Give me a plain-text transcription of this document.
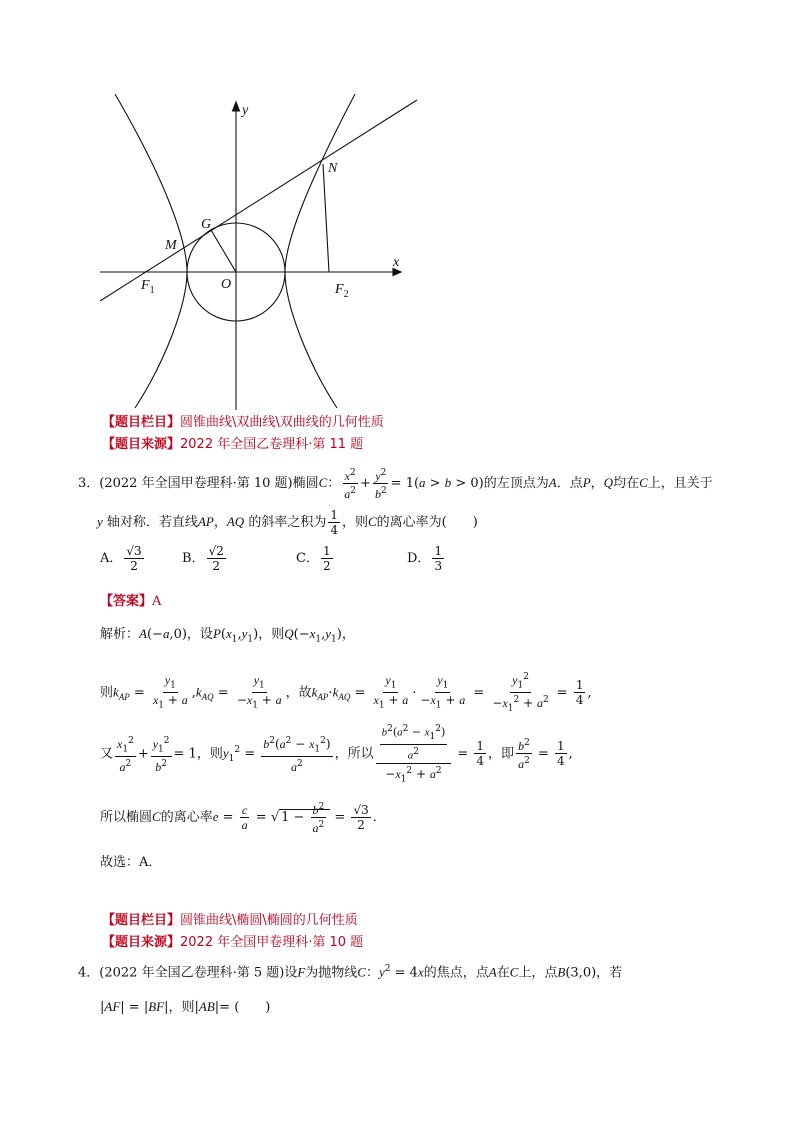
y
x
N
G
M
O
$F_1$	$F_2$
【题目栏目】圆锥曲线\双曲线\双曲线的几何性质
【题目来源】2022 年全国乙卷理科·第 11 题
3．(2022 年全国甲卷理科·第 10 题)椭圆C： $\frac{x^2}{a^2} + \frac{y^2}{b^2} = 1(a > b > 0)$的左顶点为A．点P，Q均在C上，且关于
y 轴对称．若直线AP，AQ 的斜率之积为 $\frac{1}{4}$ ，则C的离心率为(　　)
A． $\frac{√3}{2}$	B． $\frac{√2}{2}$	C． $\frac{1}{2}$	D． $\frac{1}{3}$
【答案】A
解析：A(−a,0)，设$P(x_1,y_1)$，则$Q(-x_1,y_1)$，
则$k_{AP} = \frac{y_1}{x_1 + a} ,k_{AQ} = \frac{y_1}{-x_1 + a}$ ，故$k_{AP}\cdot k_{AQ} = \frac{y_1}{x_1 + a} \cdot \frac{y_1}{-x_1 + a} = \frac{y_1^2}{-x_1^2 + a^2} = \frac{1}{4}$ ,
又 $\frac{x_1^2}{a^2} + \frac{y_1^2}{b^2} = 1$，则$y_1^2 = \frac{b^2(a^2 - x_1^2)}{a^2}$ ，所以 $\frac{\frac{b^2(a^2 - x_1^2)}{a^2}}{-x_1^2 + a^2} = \frac{1}{4}$ ，即 $\frac{b^2}{a^2} = \frac{1}{4}$ ,
所以椭圆C的离心率$e = \frac{c}{a}$ = √ $1 - \frac{b^2}{a^2} = \frac{√3}{2}$ ．
故选：A．
【题目栏目】圆锥曲线\椭圆\椭圆的几何性质
【题目来源】2022 年全国甲卷理科·第 10 题
4．(2022 年全国乙卷理科·第 5 题)设F为抛物线C：$y^2 = 4x$的焦点，点A在C上，点B(3,0)，若
|AF| = |BF|，则|AB|= (　　)
